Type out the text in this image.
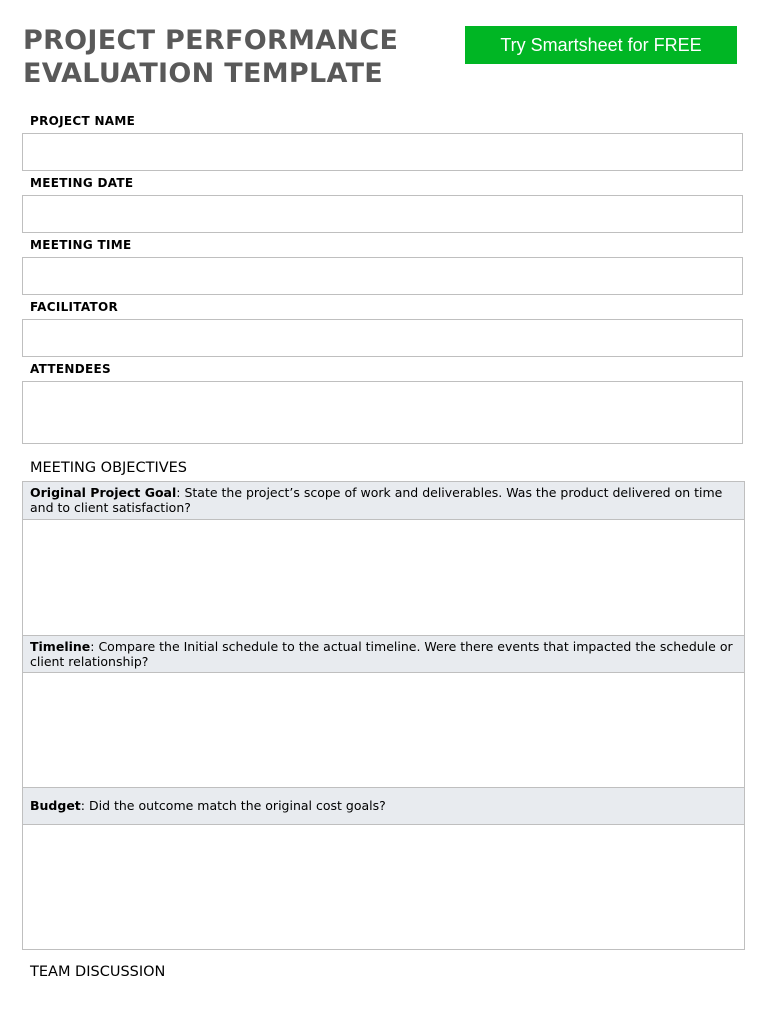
PROJECT PERFORMANCE
EVALUATION TEMPLATE
Try Smartsheet for FREE
PROJECT NAME
MEETING DATE
MEETING TIME
FACILITATOR
ATTENDEES
MEETING OBJECTIVES
Original Project Goal: State the project’s scope of work and deliverables. Was the product delivered on time and to client satisfaction?
Timeline: Compare the Initial schedule to the actual timeline. Were there events that impacted the schedule or client relationship?
Budget: Did the outcome match the original cost goals?
TEAM DISCUSSION
